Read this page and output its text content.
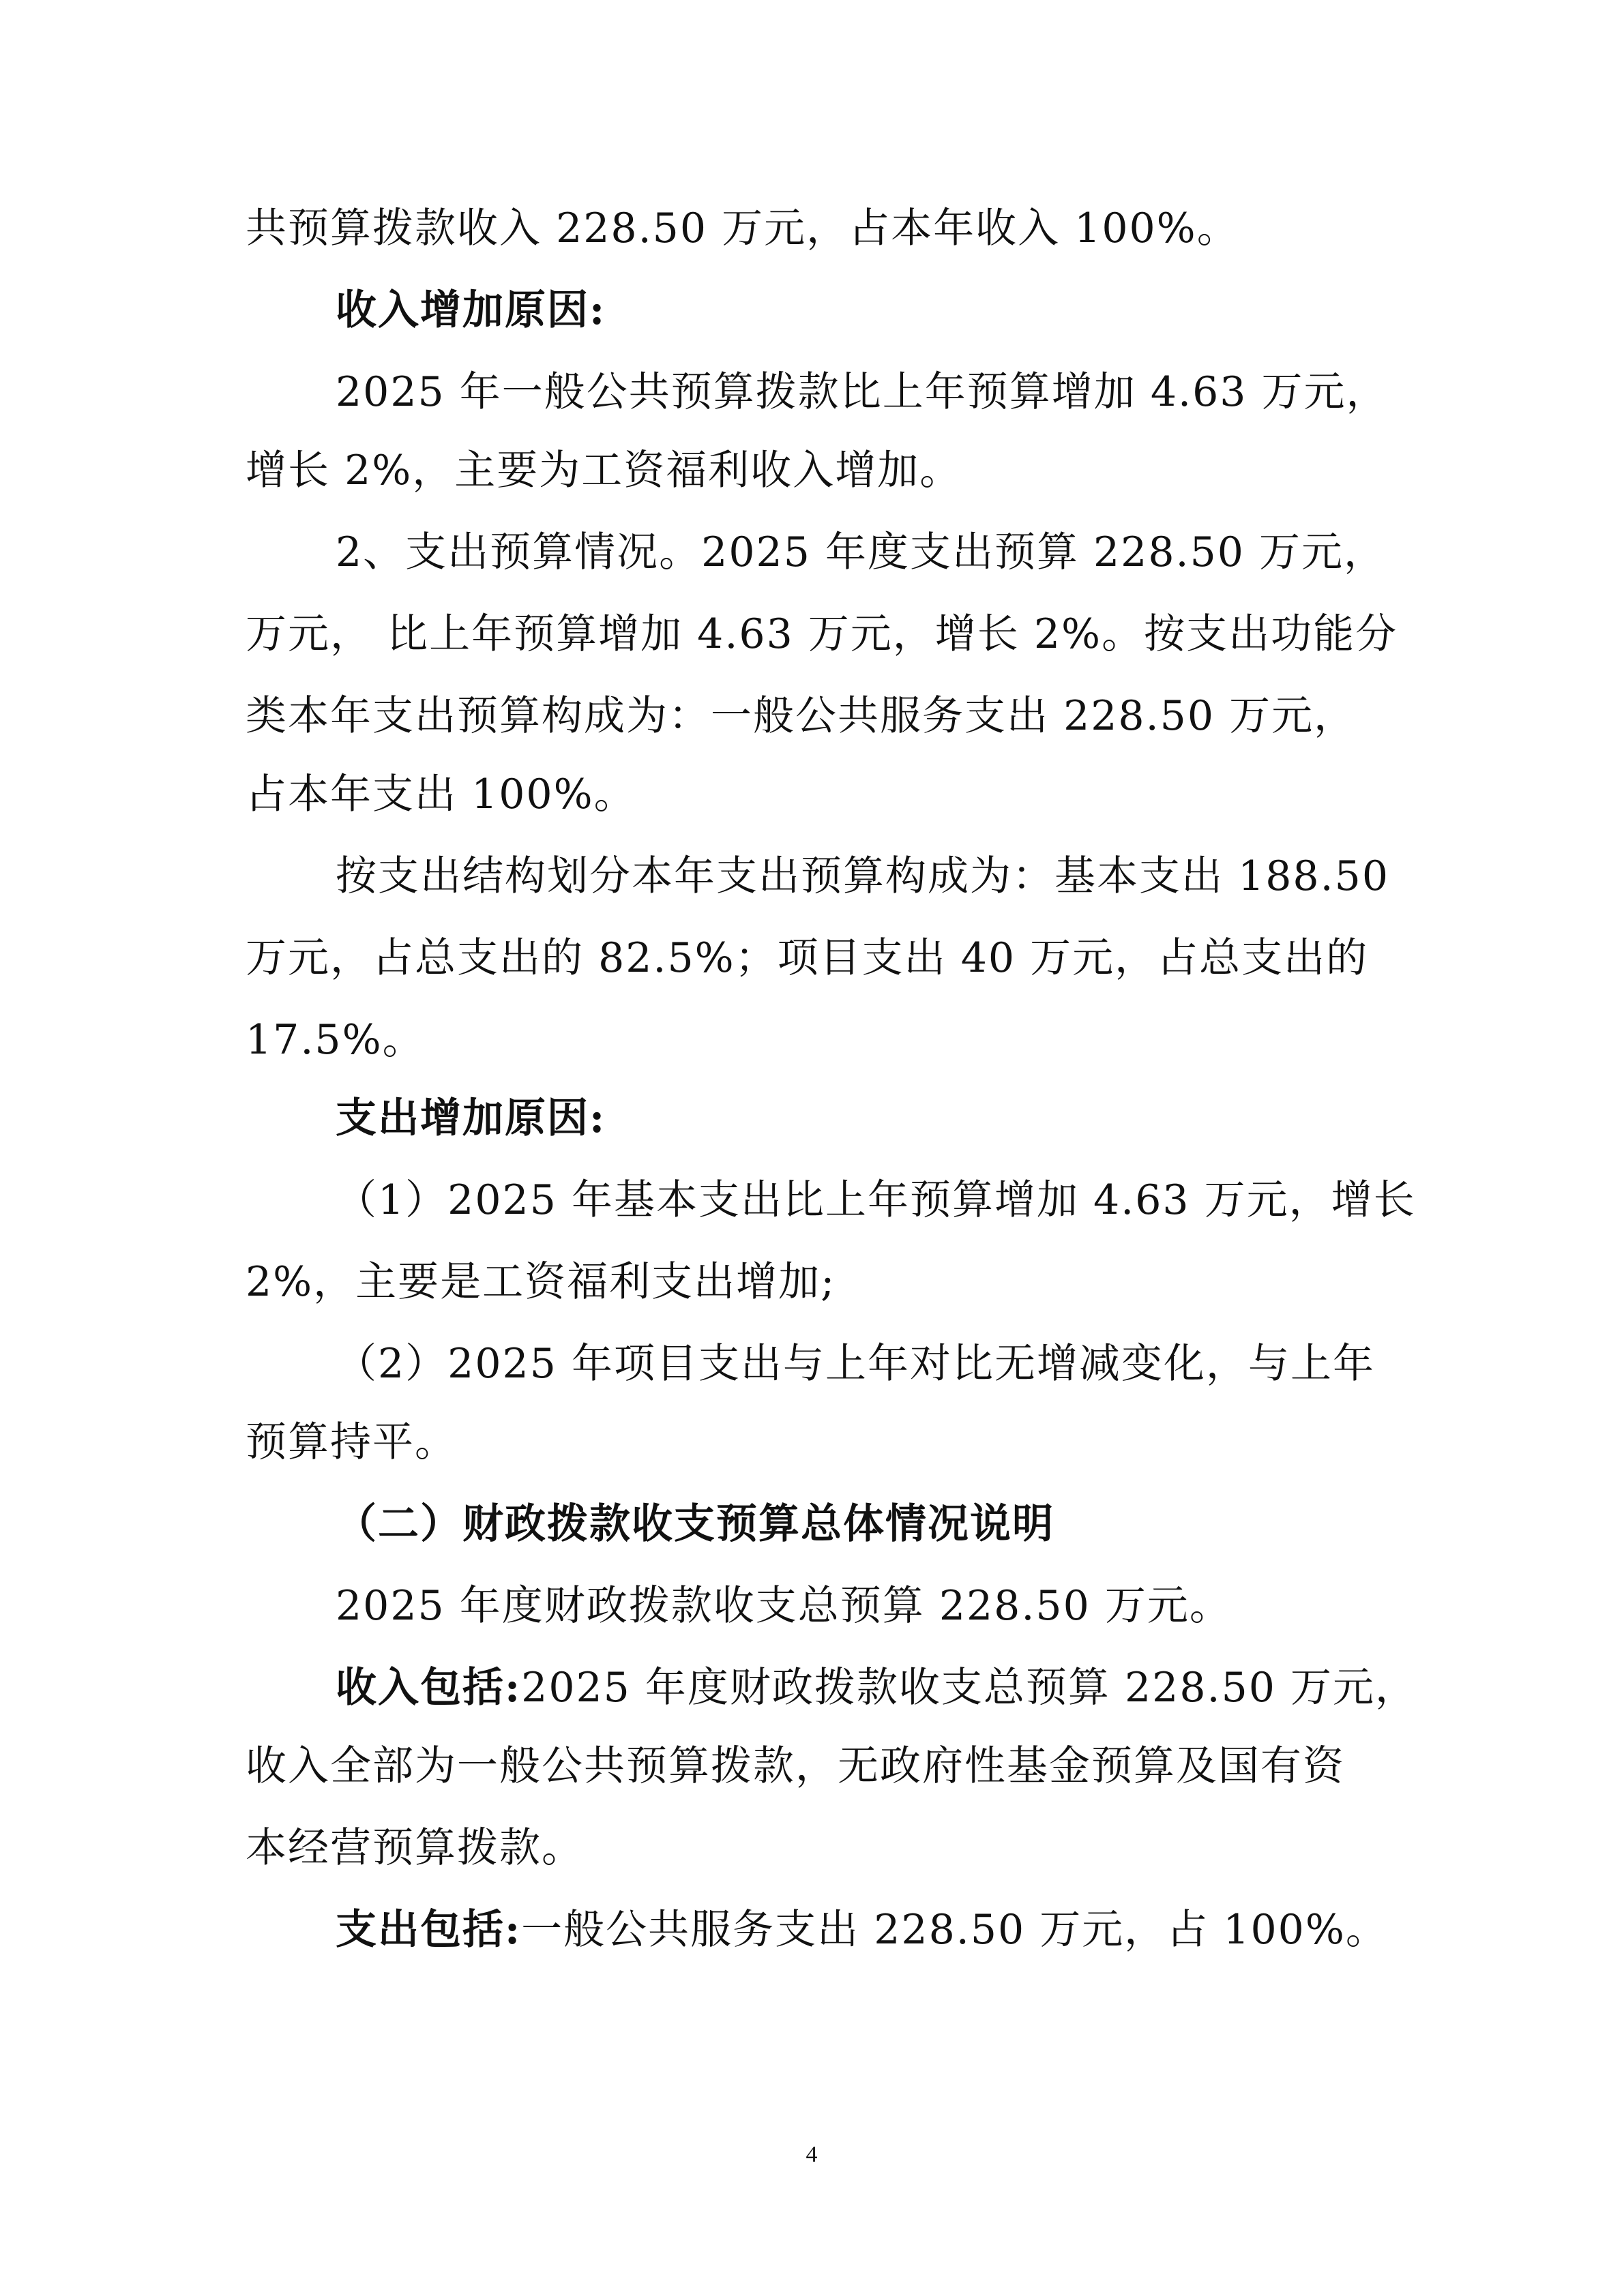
共预算拨款收入 228.50 万元，占本年收入 100%。
收入增加原因:
2025 年一般公共预算拨款比上年预算增加 4.63 万元，
增长 2%，主要为工资福利收入增加。
2、支出预算情况。2025 年度支出预算 228.50 万元，
万元， 比上年预算增加 4.63 万元，增长 2%。按支出功能分
类本年支出预算构成为：一般公共服务支出 228.50 万元，
占本年支出 100%。
按支出结构划分本年支出预算构成为：基本支出 188.50
万元，占总支出的 82.5%；项目支出 40 万元，占总支出的
17.5%。
支出增加原因:
（1）2025 年基本支出比上年预算增加 4.63 万元，增长
2%，主要是工资福利支出增加;
（2）2025 年项目支出与上年对比无增减变化，与上年
预算持平。
（二）财政拨款收支预算总体情况说明
2025 年度财政拨款收支总预算 228.50 万元。
收入包括:2025 年度财政拨款收支总预算 228.50 万元，
收入全部为一般公共预算拨款，无政府性基金预算及国有资
本经营预算拨款。
支出包括:一般公共服务支出 228.50 万元，占 100%。
4
